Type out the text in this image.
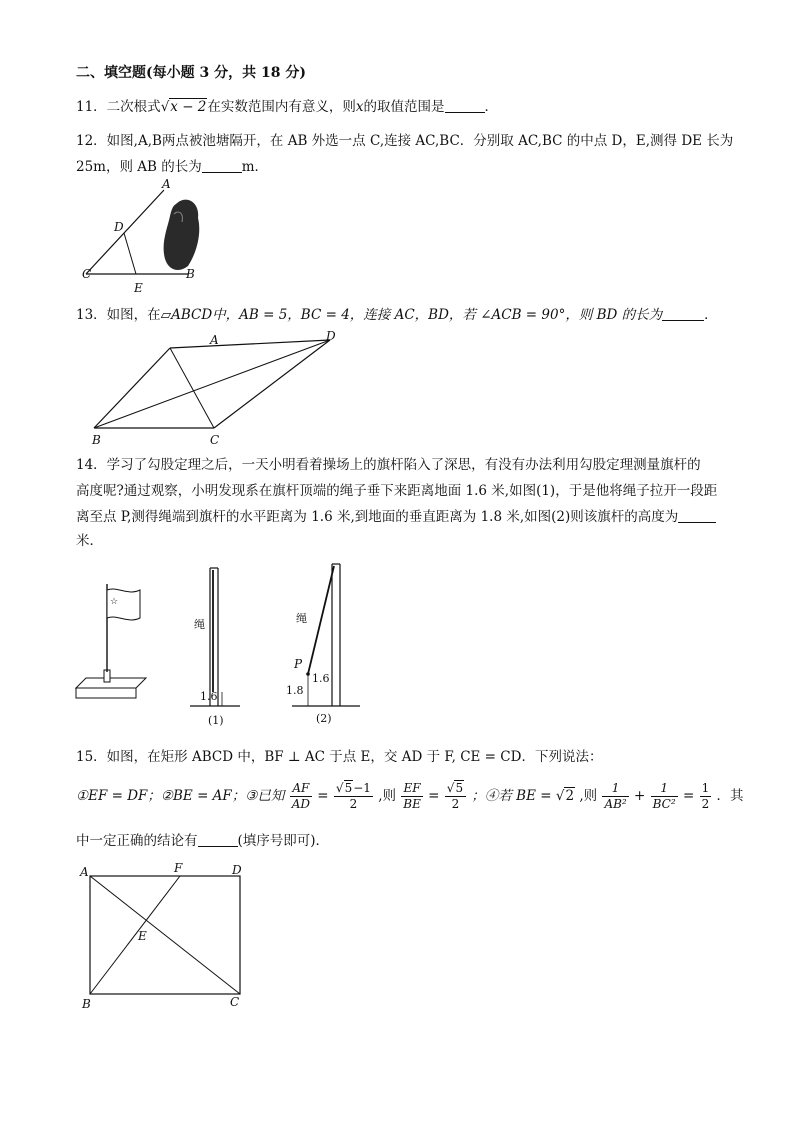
二、填空题(每小题 3 分，共 18 分)
11．二次根式√x − 2在实数范围内有意义，则x的取值范围是	．
12．如图,A,B两点被池塘隔开，在 AB 外选一点 C,连接 AC,BC．分别取 AC,BC 的中点 D，E,测得 DE 长为
25m，则 AB 的长为	m．
A
B
C
D
E
13．如图，在▱ABCD中，AB = 5，BC = 4，连接 AC，BD，若 ∠ACB = 90°，则 BD 的长为	．
A
B	C
D
14．学习了勾股定理之后，一天小明看着操场上的旗杆陷入了深思，有没有办法利用勾股定理测量旗杆的
高度呢?通过观察，小明发现系在旗杆顶端的绳子垂下来距离地面 1.6 米,如图(1)，于是他将绳子拉开一段距
离至点 P,测得绳端到旗杆的水平距离为 1.6 米,到地面的垂直距离为 1.8 米,如图(2)则该旗杆的高度为
米．
☆
绳
1.6
(1)
绳
P
1.6
1.8
(2)
15．如图，在矩形 ABCD 中，BF ⊥ AC 于点 E，交 AD 于 F, CE = CD．下列说法：
①EF = DF；②BE = AF；③已知 $\frac{AF}{AD} = \frac{√5-1}{2}$ ,则 $\frac{EF}{BE} = \frac{√5}{2}$ ；④若 BE = √2 ,则 $\frac{1}{\text{AB²}} + \frac{1}{\text{BC²}} = \frac{1}{2}$ ．其
中一定正确的结论有	(填序号即可)．
A
B	C
D
E
F
